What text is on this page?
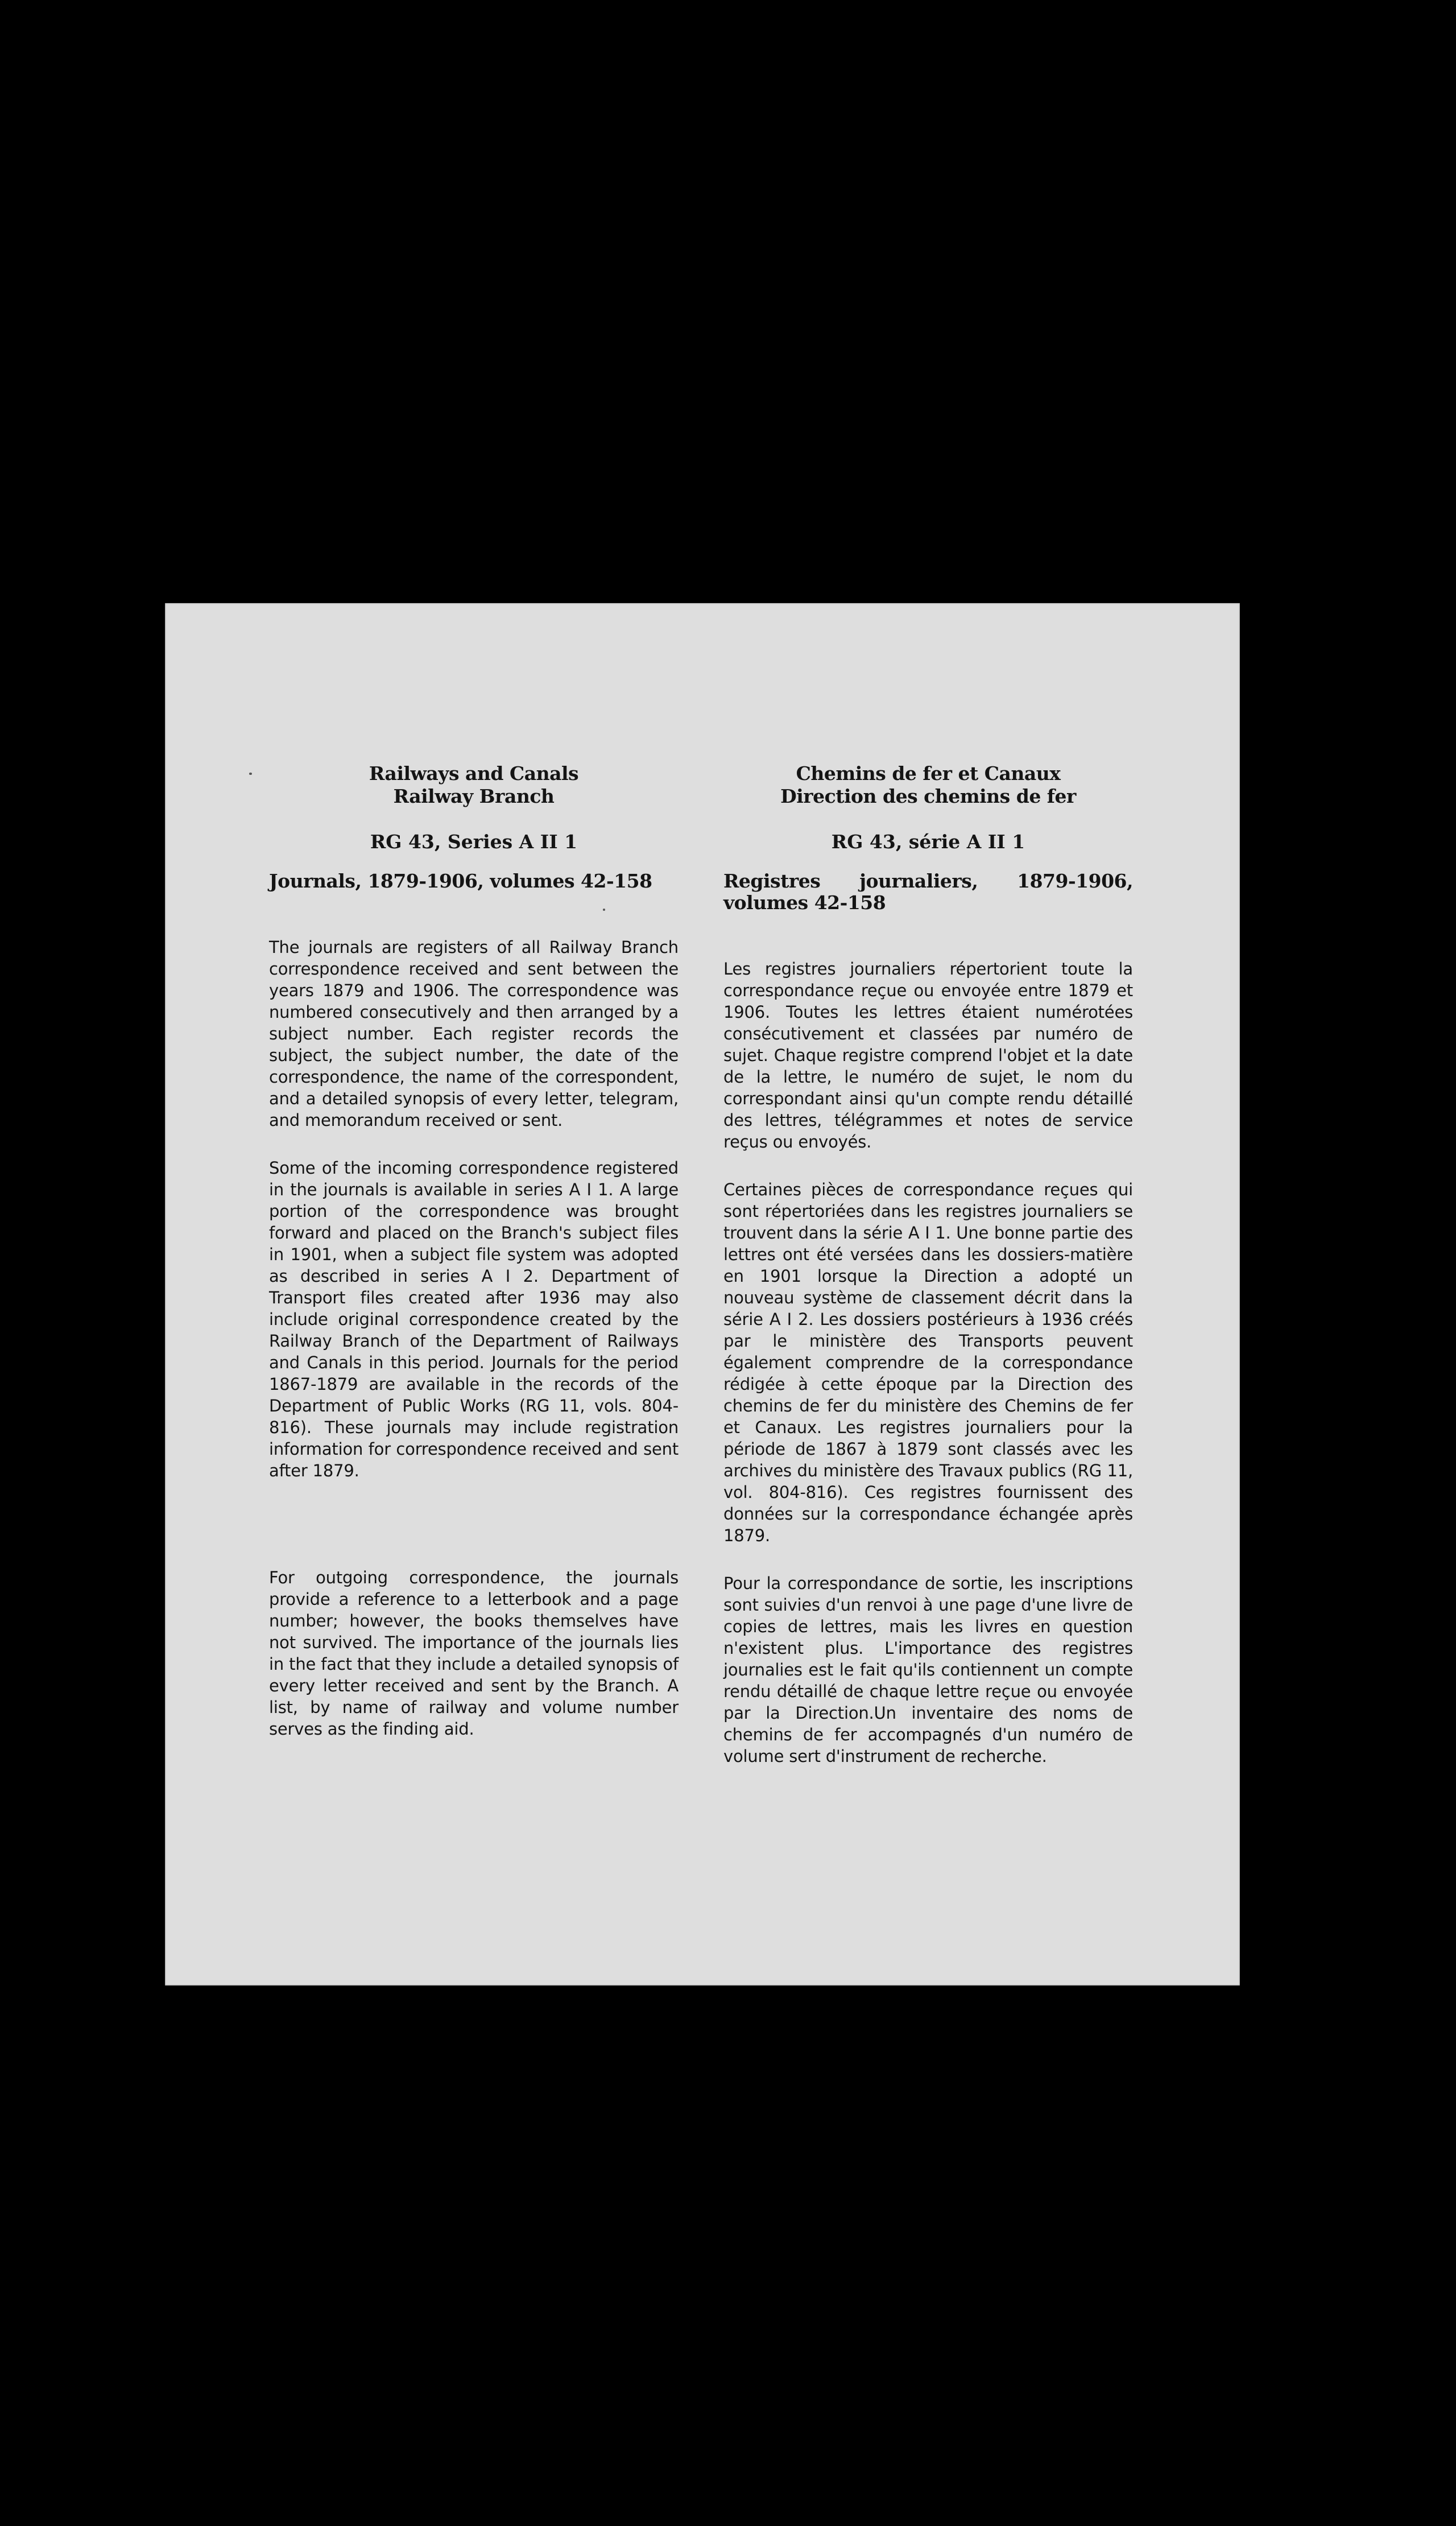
Railways and Canals
Railway Branch
RG 43, Series A II 1
Journals, 1879-1906, volumes 42-158

The journals are registers of all Railway Branch correspondence received and sent between the years 1879 and 1906. The correspondence was numbered consecutively and then arranged by a subject number. Each register records the subject, the subject number, the date of the correspondence, the name of the correspondent, and a detailed synopsis of every letter, telegram, and memorandum received or sent.

Some of the incoming correspondence registered in the journals is available in series A I 1. A large portion of the correspondence was brought forward and placed on the Branch's subject files in 1901, when a subject file system was adopted as described in series A I 2. Department of Transport files created after 1936 may also include original correspondence created by the Railway Branch of the Department of Railways and Canals in this period. Journals for the period 1867-1879 are available in the records of the Department of Public Works (RG 11, vols. 804-816). These journals may include registration information for correspondence received and sent after 1879.

For outgoing correspondence, the journals provide a reference to a letterbook and a page number; however, the books themselves have not survived. The importance of the journals lies in the fact that they include a detailed synopsis of every letter received and sent by the Branch. A list, by name of railway and volume number serves as the finding aid.

Chemins de fer et Canaux
Direction des chemins de fer
RG 43, série A II 1
Registres journaliers, 1879-1906, volumes 42-158

Les registres journaliers répertorient toute la correspondance reçue ou envoyée entre 1879 et 1906. Toutes les lettres étaient numérotées consécutivement et classées par numéro de sujet. Chaque registre comprend l'objet et la date de la lettre, le numéro de sujet, le nom du correspondant ainsi qu'un compte rendu détaillé des lettres, télégrammes et notes de service reçus ou envoyés.

Certaines pièces de correspondance reçues qui sont répertoriées dans les registres journaliers se trouvent dans la série A I 1. Une bonne partie des lettres ont été versées dans les dossiers-matière en 1901 lorsque la Direction a adopté un nouveau système de classement décrit dans la série A I 2. Les dossiers postérieurs à 1936 créés par le ministère des Transports peuvent également comprendre de la correspondance rédigée à cette époque par la Direction des chemins de fer du ministère des Chemins de fer et Canaux. Les registres journaliers pour la période de 1867 à 1879 sont classés avec les archives du ministère des Travaux publics (RG 11, vol. 804-816). Ces registres fournissent des données sur la correspondance échangée après 1879.

Pour la correspondance de sortie, les inscriptions sont suivies d'un renvoi à une page d'une livre de copies de lettres, mais les livres en question n'existent plus. L'importance des registres journalies est le fait qu'ils contiennent un compte rendu détaillé de chaque lettre reçue ou envoyée par la Direction.Un inventaire des noms de chemins de fer accompagnés d'un numéro de volume sert d'instrument de recherche.
